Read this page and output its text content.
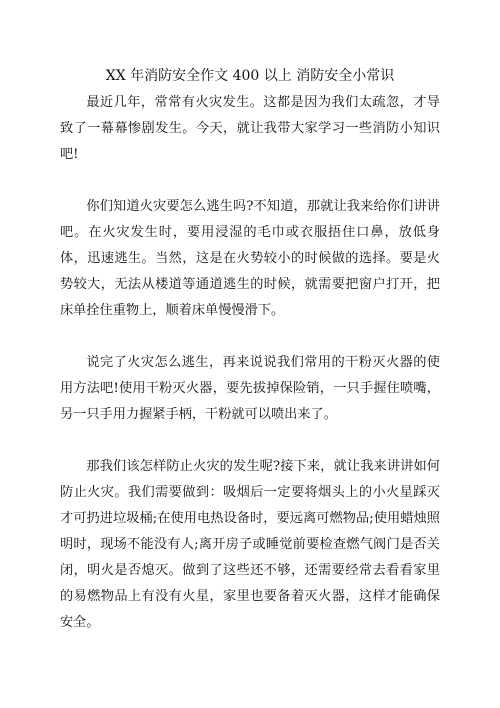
XX 年消防安全作文 400 以上 消防安全小常识

最近几年，常常有火灾发生。这都是因为我们太疏忽，才导致了一幕幕惨剧发生。今天，就让我带大家学习一些消防小知识吧!

你们知道火灾要怎么逃生吗?不知道，那就让我来给你们讲讲吧。在火灾发生时，要用浸湿的毛巾或衣服捂住口鼻，放低身体，迅速逃生。当然，这是在火势较小的时候做的选择。要是火势较大，无法从楼道等通道逃生的时候，就需要把窗户打开，把床单拴住重物上，顺着床单慢慢滑下。

说完了火灾怎么逃生，再来说说我们常用的干粉灭火器的使用方法吧!使用干粉灭火器，要先拔掉保险销，一只手握住喷嘴，另一只手用力握紧手柄，干粉就可以喷出来了。

那我们该怎样防止火灾的发生呢?接下来，就让我来讲讲如何防止火灾。我们需要做到：吸烟后一定要将烟头上的小火星踩灭才可扔进垃圾桶;在使用电热设备时，要远离可燃物品;使用蜡烛照明时，现场不能没有人;离开房子或睡觉前要检查燃气阀门是否关闭，明火是否熄灭。做到了这些还不够，还需要经常去看看家里的易燃物品上有没有火星，家里也要备着灭火器，这样才能确保安全。
